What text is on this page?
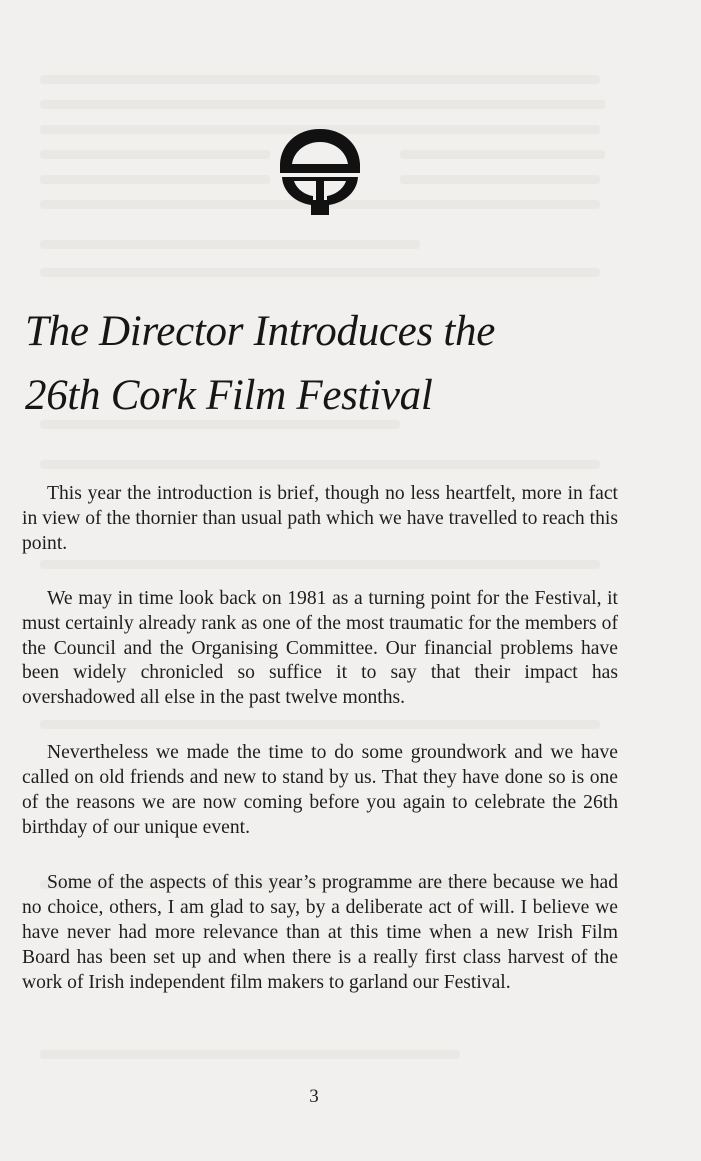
The Director Introduces the
26th Cork Film Festival

This year the introduction is brief, though no less heartfelt, more in fact in view of the thornier than usual path which we have travelled to reach this point.

We may in time look back on 1981 as a turning point for the Festival, it must certainly already rank as one of the most traumatic for the members of the Council and the Organising Committee. Our financial problems have been widely chronicled so suffice it to say that their impact has overshadowed all else in the past twelve months.

Nevertheless we made the time to do some groundwork and we have called on old friends and new to stand by us. That they have done so is one of the reasons we are now coming before you again to celebrate the 26th birthday of our unique event.

Some of the aspects of this year’s programme are there because we had no choice, others, I am glad to say, by a deliberate act of will. I believe we have never had more relevance than at this time when a new Irish Film Board has been set up and when there is a really first class harvest of the work of Irish independent film makers to garland our Festival.

3
